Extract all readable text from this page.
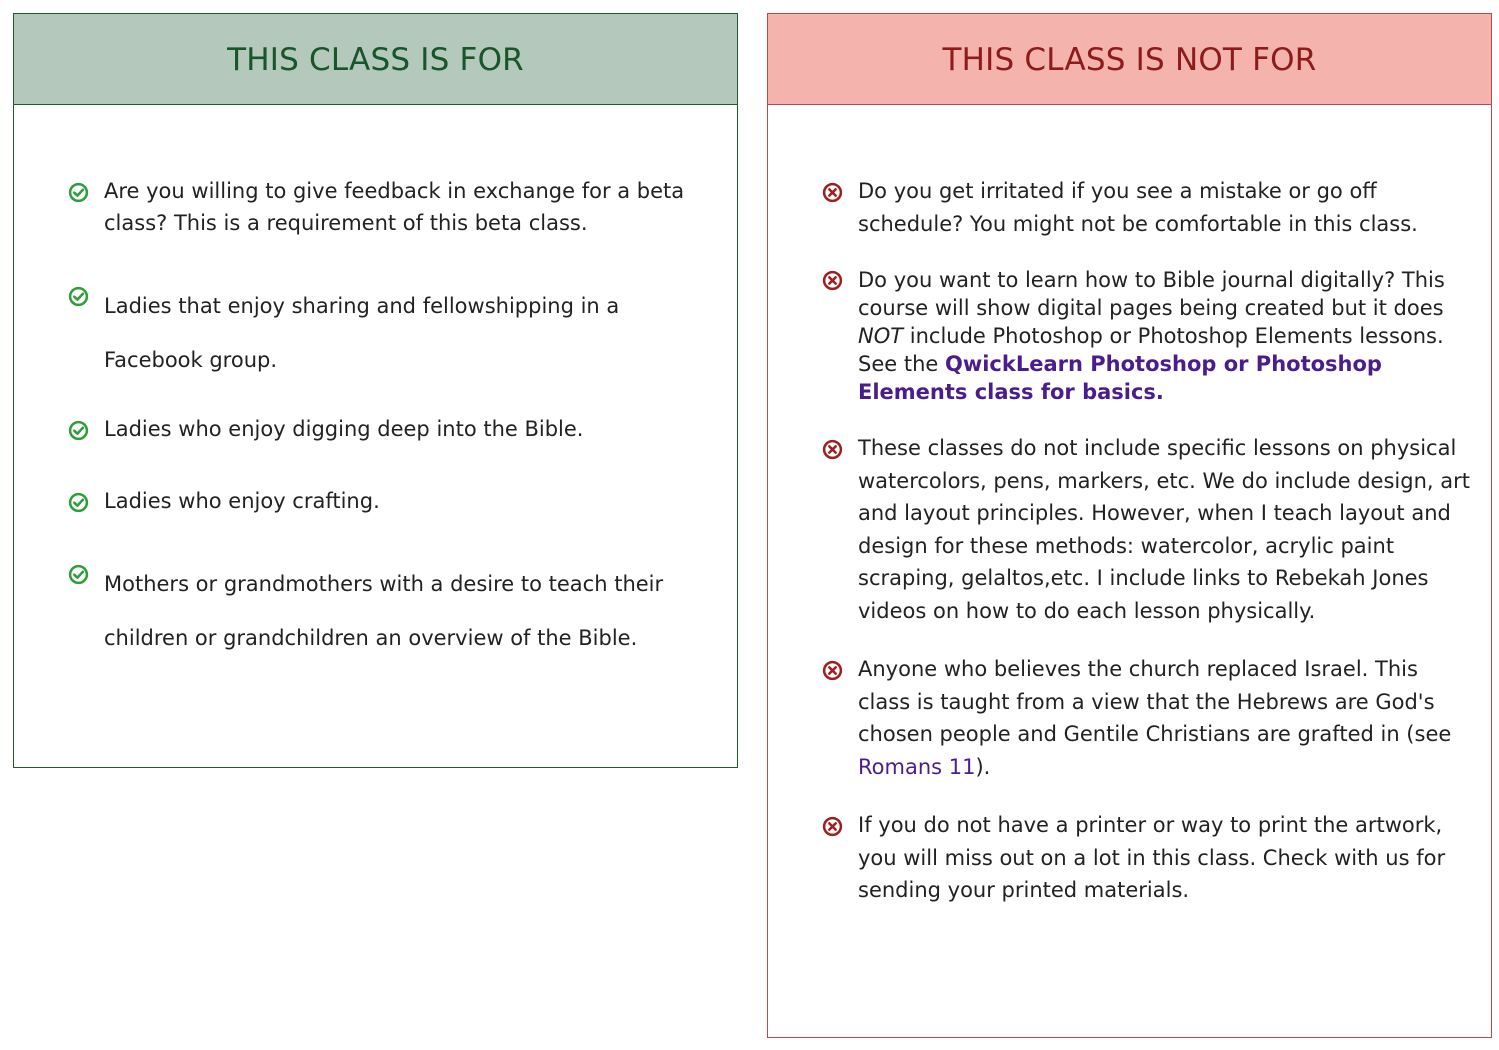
THIS CLASS IS FOR
Are you willing to give feedback in exchange for a beta class? This is a requirement of this beta class.
Ladies that enjoy sharing and fellowshipping in a Facebook group.
Ladies who enjoy digging deep into the Bible.
Ladies who enjoy crafting.
Mothers or grandmothers with a desire to teach their children or grandchildren an overview of the Bible.
THIS CLASS IS NOT FOR
Do you get irritated if you see a mistake or go off schedule? You might not be comfortable in this class.
Do you want to learn how to Bible journal digitally? This course will show digital pages being created but it does NOT include Photoshop or Photoshop Elements lessons. See the QwickLearn Photoshop or Photoshop Elements class for basics.
These classes do not include specific lessons on physical watercolors, pens, markers, etc. We do include design, art and layout principles. However, when I teach layout and design for these methods: watercolor, acrylic paint scraping, gelaltos,etc. I include links to Rebekah Jones videos on how to do each lesson physically.
Anyone who believes the church replaced Israel. This class is taught from a view that the Hebrews are God's chosen people and Gentile Christians are grafted in (see Romans 11).
If you do not have a printer or way to print the artwork, you will miss out on a lot in this class. Check with us for sending your printed materials.
